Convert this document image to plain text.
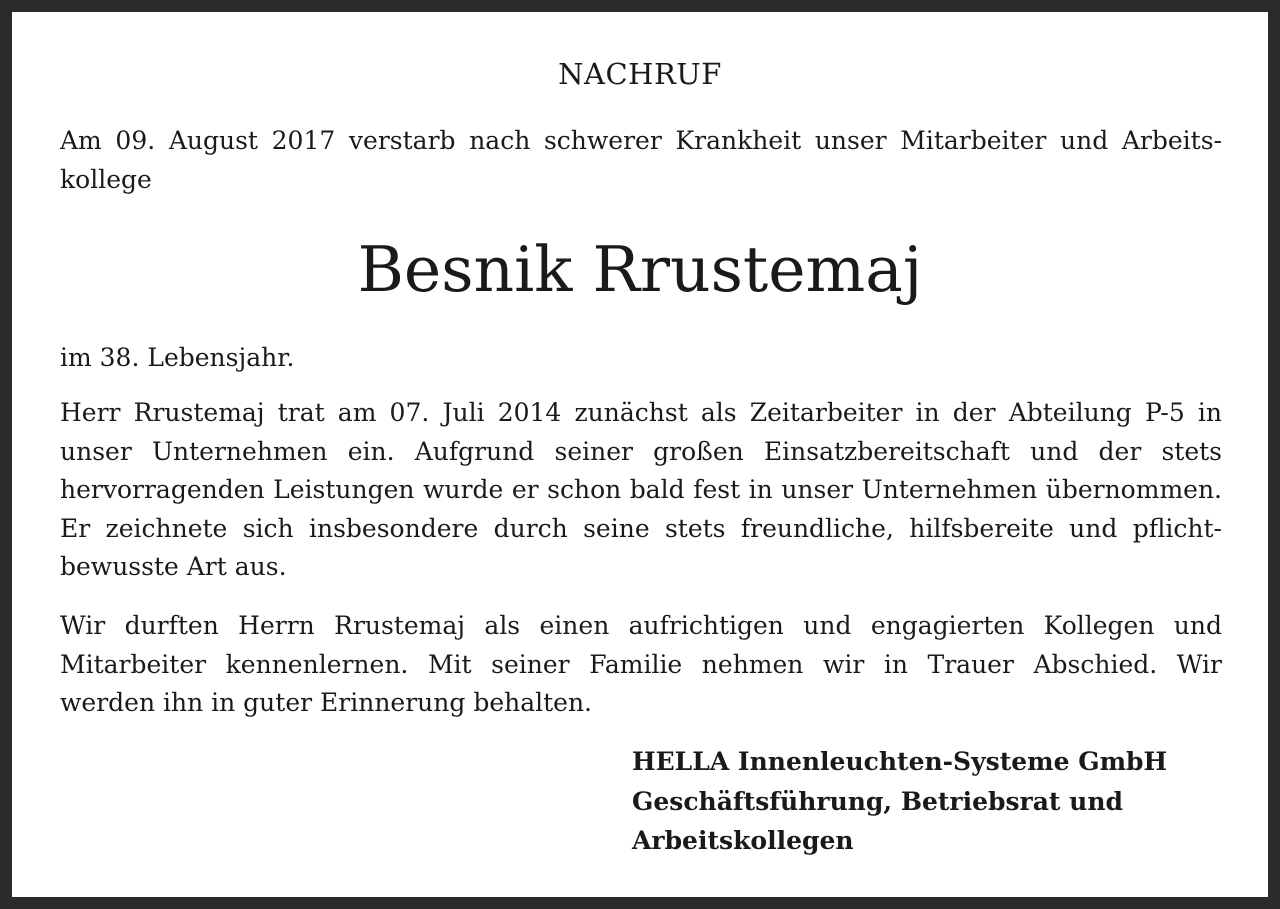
NACHRUF
Am 09. August 2017 verstarb nach schwerer Krankheit unser Mitarbeiter und Arbeits-
kollege
Besnik Rrustemaj
im 38. Lebensjahr.
Herr Rrustemaj trat am 07. Juli 2014 zunächst als Zeitarbeiter in der Abteilung P-5 in
unser Unternehmen ein. Aufgrund seiner großen Einsatzbereitschaft und der stets
hervorragenden Leistungen wurde er schon bald fest in unser Unternehmen übernommen.
Er zeichnete sich insbesondere durch seine stets freundliche, hilfsbereite und pflicht-
bewusste Art aus.
Wir durften Herrn Rrustemaj als einen aufrichtigen und engagierten Kollegen und
Mitarbeiter kennenlernen. Mit seiner Familie nehmen wir in Trauer Abschied. Wir
werden ihn in guter Erinnerung behalten.
HELLA Innenleuchten-Systeme GmbH
Geschäftsführung, Betriebsrat und
Arbeitskollegen
